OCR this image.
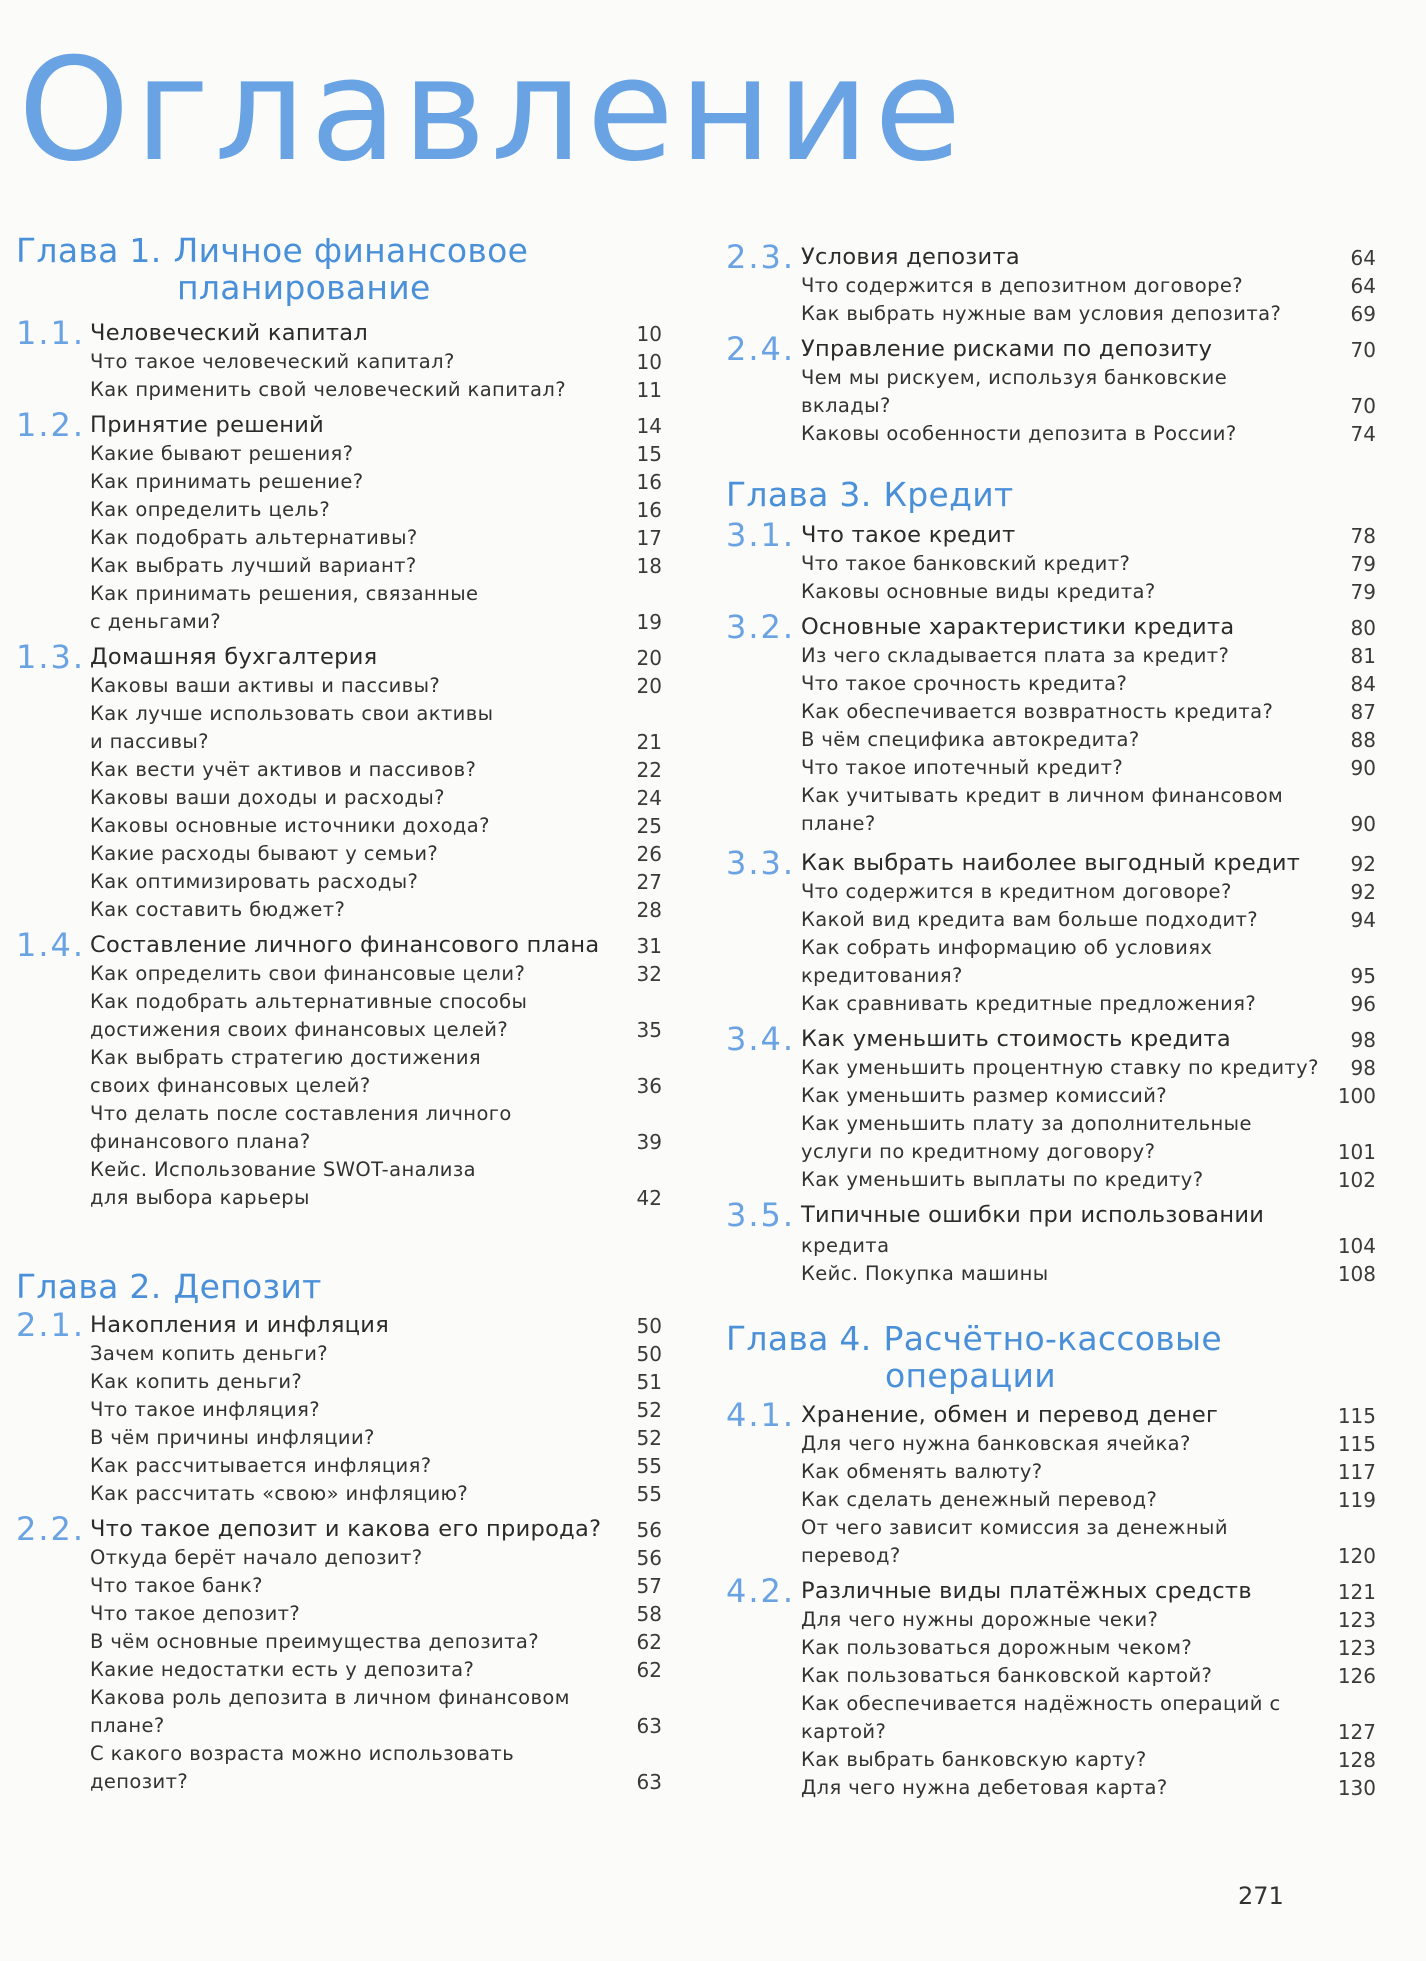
Оглавление
Глава 1. Личное финансовое
планирование
Глава 2. Депозит
1.1. Человеческий капитал	10
Что такое человеческий капитал?	10
Как применить свой человеческий капитал?	11
1.2. Принятие решений	14
Какие бывают решения?	15
Как принимать решение?	16
Как определить цель?	16
Как подобрать альтернативы?	17
Как выбрать лучший вариант?	18
Как принимать решения, связанные
с деньгами?	19
1.3. Домашняя бухгалтерия	20
Каковы ваши активы и пассивы?	20
Как лучше использовать свои активы
и пассивы?	21
Как вести учёт активов и пассивов?	22
Каковы ваши доходы и расходы?	24
Каковы основные источники дохода?	25
Какие расходы бывают у семьи?	26
Как оптимизировать расходы?	27
Как составить бюджет?	28
1.4. Составление личного финансового плана 31
Как определить свои финансовые цели?	32
Как подобрать альтернативные способы
достижения своих финансовых целей?	35
Как выбрать стратегию достижения
своих финансовых целей?	36
Что делать после составления личного
финансового плана?	39
Кейс. Использование SWOT-анализа
для выбора карьеры	42
2.1. Накопления и инфляция	50
Зачем копить деньги?	50
Как копить деньги?	51
Что такое инфляция?	52
В чём причины инфляции?	52
Как рассчитывается инфляция?	55
Как рассчитать «свою» инфляцию?	55
2.2. Что такое депозит и какова его природа? 56
Откуда берёт начало депозит?	56
Что такое банк?	57
Что такое депозит?	58
В чём основные преимущества депозита?	62
Какие недостатки есть у депозита?	62
Какова роль депозита в личном финансовом
плане?	63
С какого возраста можно использовать
депозит?	63
Глава 3. Кредит
Глава 4. Расчётно-кассовые
операции
2.3. Условия депозита	64
Что содержится в депозитном договоре?	64
Как выбрать нужные вам условия депозита?	69
2.4. Управление рисками по депозиту	70
Чем мы рискуем, используя банковские
вклады?	70
Каковы особенности депозита в России?	74
3.1. Что такое кредит	78
Что такое банковский кредит?	79
Каковы основные виды кредита?	79
3.2. Основные характеристики кредита	80
Из чего складывается плата за кредит?	81
Что такое срочность кредита?	84
Как обеспечивается возвратность кредита?	87
В чём специфика автокредита?	88
Что такое ипотечный кредит?	90
Как учитывать кредит в личном финансовом
плане?	90
3.3. Как выбрать наиболее выгодный кредит	92
Что содержится в кредитном договоре?	92
Какой вид кредита вам больше подходит?	94
Как собрать информацию об условиях
кредитования?	95
Как сравнивать кредитные предложения?	96
3.4. Как уменьшить стоимость кредита	98
Как уменьшить процентную ставку по кредиту? 98
Как уменьшить размер комиссий?	100
Как уменьшить плату за дополнительные
услуги по кредитному договору?	101
Как уменьшить выплаты по кредиту?	102
3.5. Типичные ошибки при использовании
кредита	104
Кейс. Покупка машины	108
4.1. Хранение, обмен и перевод денег	115
Для чего нужна банковская ячейка?	115
Как обменять валюту?	117
Как сделать денежный перевод?	119
От чего зависит комиссия за денежный
перевод?	120
4.2. Различные виды платёжных средств	121
Для чего нужны дорожные чеки?	123
Как пользоваться дорожным чеком?	123
Как пользоваться банковской картой?	126
Как обеспечивается надёжность операций с
картой?	127
Как выбрать банковскую карту?	128
Для чего нужна дебетовая карта?	130
271
